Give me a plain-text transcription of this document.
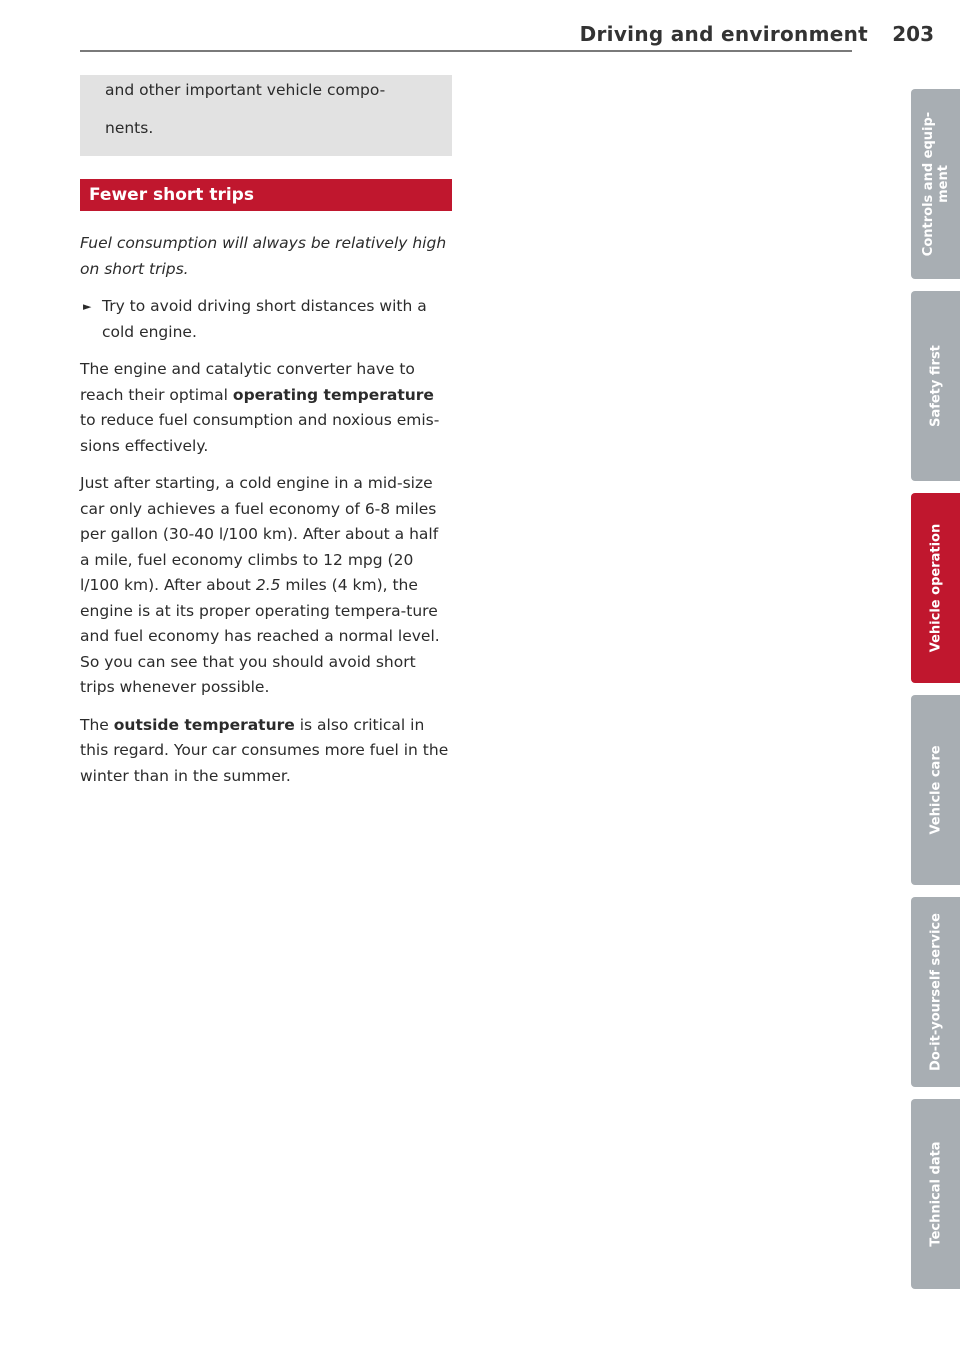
Driving and environment 203

and other important vehicle compo-

nents.

Fewer short trips

Fuel consumption will always be relatively high on short trips.

► Try to avoid driving short distances with a cold engine.

The engine and catalytic converter have to reach their optimal operating temperature to reduce fuel consumption and noxious emis-sions effectively.

Just after starting, a cold engine in a mid-size car only achieves a fuel economy of 6-8 miles per gallon (30-40 l/100 km). After about a half a mile, fuel economy climbs to 12 mpg (20 l/100 km). After about 2.5 miles (4 km), the engine is at its proper operating tempera-ture and fuel economy has reached a normal level. So you can see that you should avoid short trips whenever possible.

The outside temperature is also critical in this regard. Your car consumes more fuel in the winter than in the summer.

Controls and equip-ment
Safety first
Vehicle operation
Vehicle care
Do-it-yourself service
Technical data
